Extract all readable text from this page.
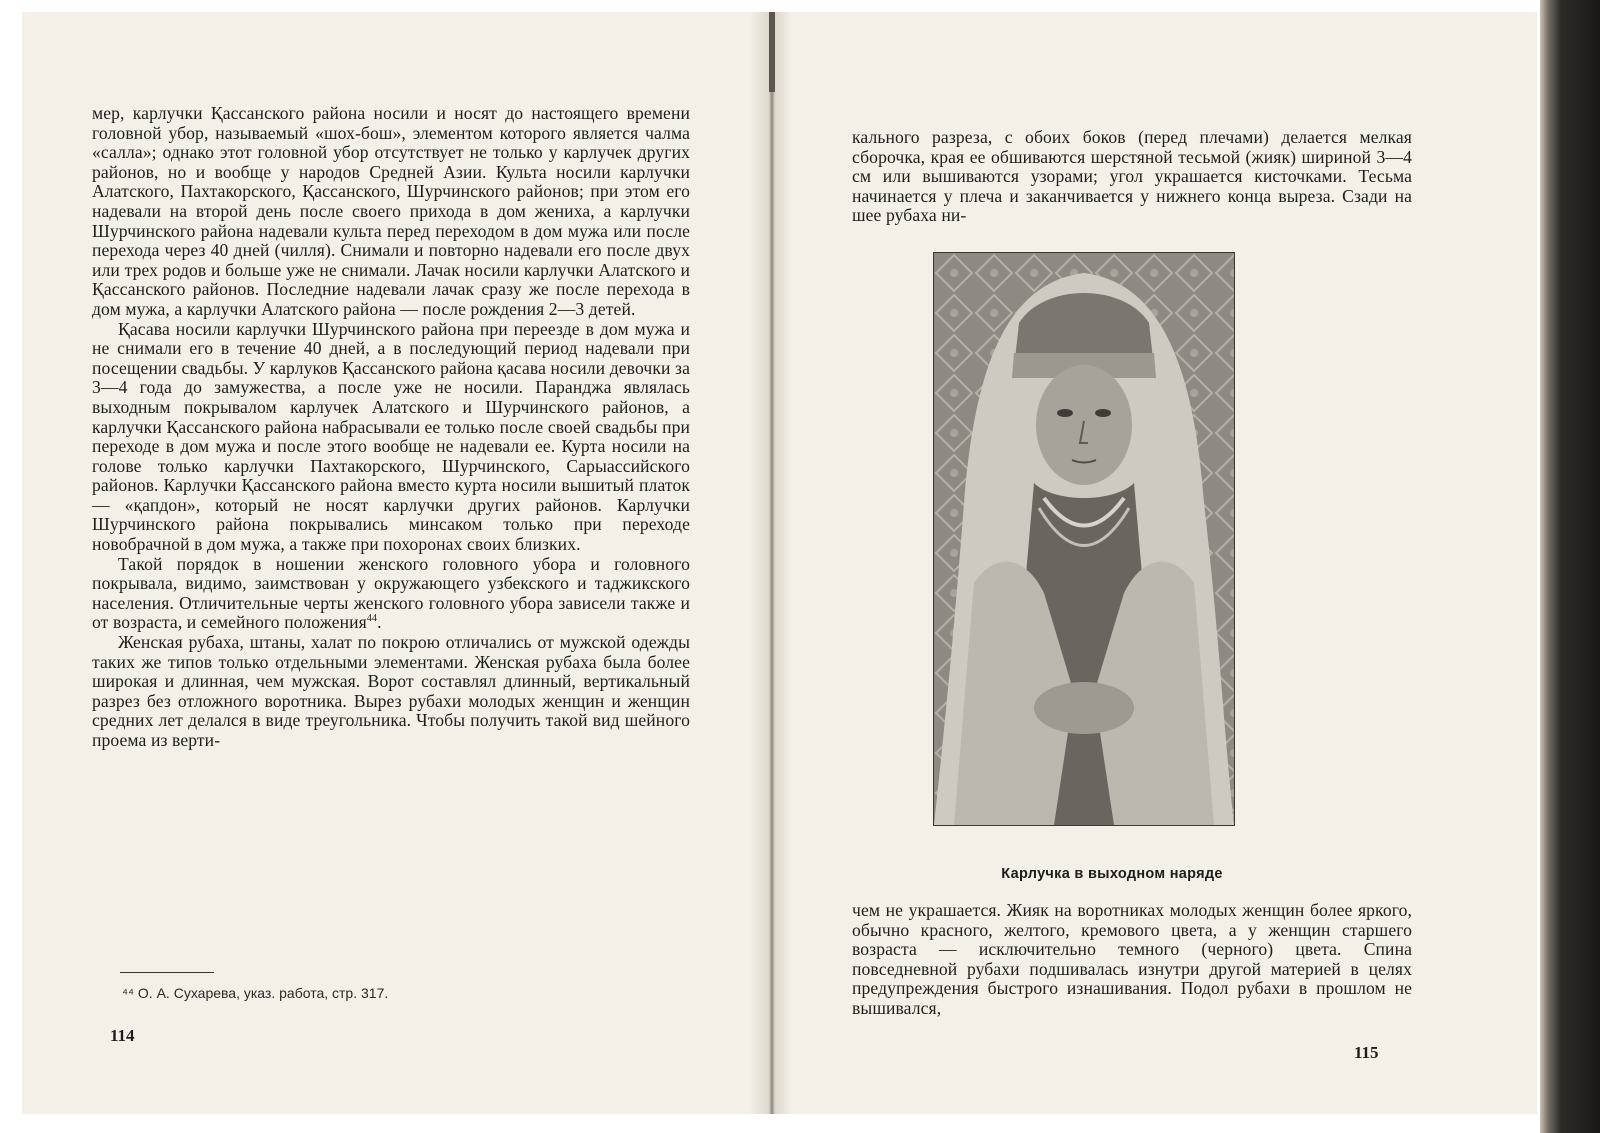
мер, карлучки Қассанского района носили и носят до настоящего времени головной убор, называемый «шох-бош», элементом которого является чалма «салла»; однако этот головной убор отсутствует не только у карлучек других районов, но и вообще у народов Средней Азии. Культа носили карлучки Алатского, Пахтакорского, Қассанского, Шурчинского районов; при этом его надевали на второй день после своего прихода в дом жениха, а карлучки Шурчинского района надевали культа перед переходом в дом мужа или после перехода через 40 дней (чилля). Снимали и повторно надевали его после двух или трех родов и больше уже не снимали. Лачак носили карлучки Алатского и Қассанского районов. Последние надевали лачак сразу же после перехода в дом мужа, а карлучки Алатского района — после рождения 2—3 детей.

Қасава носили карлучки Шурчинского района при переезде в дом мужа и не снимали его в течение 40 дней, а в последующий период надевали при посещении свадьбы. У карлуков Қассанского района қасава носили девочки за 3—4 года до замужества, а после уже не носили. Паранджа являлась выходным покрывалом карлучек Алатского и Шурчинского районов, а карлучки Қассанского района набрасывали ее только после своей свадьбы при переходе в дом мужа и после этого вообще не надевали ее. Курта носили на голове только карлучки Пахтакорского, Шурчинского, Сарыассийского районов. Карлучки Қассанского района вместо курта носили вышитый платок — «қапдон», который не носят карлучки других районов. Карлучки Шурчинского района покрывались минсаком только при переходе новобрачной в дом мужа, а также при похоронах своих близких.

Такой порядок в ношении женского головного убора и головного покрывала, видимо, заимствован у окружающего узбекского и таджикского населения. Отличительные черты женского головного убора зависели также и от возраста, и семейного положения$^{44}$.

Женская рубаха, штаны, халат по покрою отличались от мужской одежды таких же типов только отдельными элементами. Женская рубаха была более широкая и длинная, чем мужская. Ворот составлял длинный, вертикальный разрез без отложного воротника. Вырез рубахи молодых женщин и женщин средних лет делался в виде треугольника. Чтобы получить такой вид шейного проема из верти-

⁴⁴ О. А. Сухарева, указ. работа, стр. 317.
114

кального разреза, с обоих боков (перед плечами) делается мелкая сборочка, края ее обшиваются шерстяной тесьмой (жияк) шириной 3—4 см или вышиваются узорами; угол украшается кисточками. Тесьма начинается у плеча и заканчивается у нижнего конца выреза. Сзади на шее рубаха ни-

Карлучка в выходном наряде

чем не украшается. Жияк на воротниках молодых женщин более яркого, обычно красного, желтого, кремового цвета, а у женщин старшего возраста — исключительно темного (черного) цвета. Спина повседневной рубахи подшивалась изнутри другой материей в целях предупреждения быстрого изнашивания. Подол рубахи в прошлом не вышивался,

115
